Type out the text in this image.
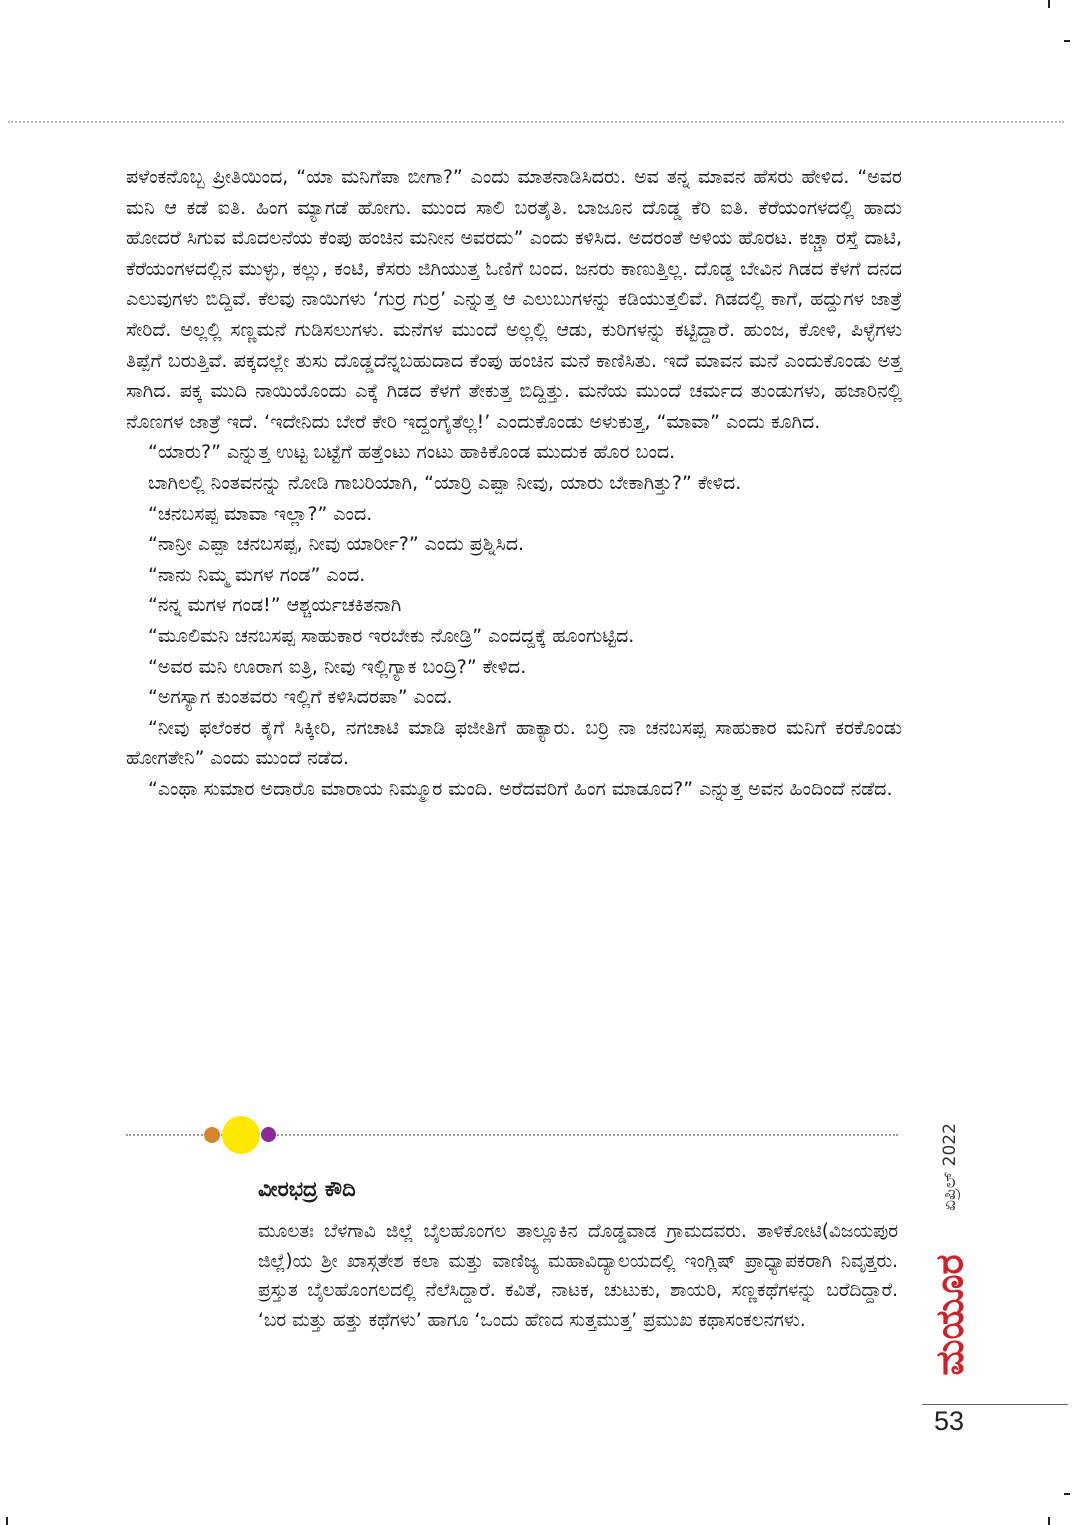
ಪಳೆಂಕನೊಬ್ಬ ಪ್ರೀತಿಯಿಂದ, “ಯಾ ಮನಿಗೆಪಾ ಬೀಗಾ?” ಎಂದು ಮಾತನಾಡಿಸಿದರು. ಅವ ತನ್ನ ಮಾವನ ಹೆಸರು ಹೇಳಿದ. “ಅವರ ಮನಿ ಆ ಕಡೆ ಐತಿ. ಹಿಂಗ ಮ್ಯಾಗಡೆ ಹೋಗು. ಮುಂದ ಸಾಲಿ ಬರತೈತಿ. ಬಾಜೂನ ದೊಡ್ಡ ಕೆರಿ ಐತಿ. ಕೆರೆಯಂಗಳದಲ್ಲಿ ಹಾದು ಹೋದರೆ ಸಿಗುವ ಮೊದಲನೆಯ ಕೆಂಪು ಹಂಚಿನ ಮನೀನ ಅವರದು” ಎಂದು ಕಳಿಸಿದ. ಅದರಂತೆ ಅಳಿಯ ಹೊರಟ. ಕಚ್ಚಾ ರಸ್ತೆ ದಾಟಿ, ಕೆರೆಯಂಗಳದಲ್ಲಿನ ಮುಳ್ಳು, ಕಲ್ಲು, ಕಂಟಿ, ಕೆಸರು ಜಿಗಿಯುತ್ತ ಓಣಿಗೆ ಬಂದ. ಜನರು ಕಾಣುತ್ತಿಲ್ಲ. ದೊಡ್ಡ ಬೇವಿನ ಗಿಡದ ಕೆಳಗೆ ದನದ ಎಲುವುಗಳು ಬಿದ್ದಿವೆ. ಕೆಲವು ನಾಯಿಗಳು ‘ಗುರ್ರ ಗುರ್ರ’ ಎನ್ನುತ್ತ ಆ ಎಲುಬುಗಳನ್ನು ಕಡಿಯುತ್ತಲಿವೆ. ಗಿಡದಲ್ಲಿ ಕಾಗೆ, ಹದ್ದುಗಳ ಜಾತ್ರೆ ಸೇರಿದೆ. ಅಲ್ಲಲ್ಲಿ ಸಣ್ಣಮನೆ ಗುಡಿಸಲುಗಳು. ಮನೆಗಳ ಮುಂದೆ ಅಲ್ಲಲ್ಲಿ ಆಡು, ಕುರಿಗಳನ್ನು ಕಟ್ಟಿದ್ದಾರೆ. ಹುಂಜ, ಕೋಳಿ, ಪಿಳ್ಳೆಗಳು ತಿಪ್ಪೆಗೆ ಬರುತ್ತಿವೆ. ಪಕ್ಕದಲ್ಲೇ ತುಸು ದೊಡ್ಡದೆನ್ನಬಹುದಾದ ಕೆಂಪು ಹಂಚಿನ ಮನೆ ಕಾಣಿಸಿತು. ಇದೆ ಮಾವನ ಮನೆ ಎಂದುಕೊಂಡು ಅತ್ತ ಸಾಗಿದ. ಪಕ್ಕ ಮುದಿ ನಾಯಿಯೊಂದು ಎಕ್ಕೆ ಗಿಡದ ಕೆಳಗೆ ತೇಕುತ್ತ ಬಿದ್ದಿತ್ತು. ಮನೆಯ ಮುಂದೆ ಚರ್ಮದ ತುಂಡುಗಳು, ಹಜಾರಿನಲ್ಲಿ ನೊಣಗಳ ಜಾತ್ರೆ ಇದೆ. ‘ಇದೇನಿದು ಬೇರೆ ಕೇರಿ ಇದ್ದಂಗೈತೆಲ್ಲ!’ ಎಂದುಕೊಂಡು ಅಳುಕುತ್ತ, “ಮಾವಾ” ಎಂದು ಕೂಗಿದ.

“ಯಾರು?” ಎನ್ನುತ್ತ ಉಟ್ಟ ಬಟ್ಟೆಗೆ ಹತ್ತೆಂಟು ಗಂಟು ಹಾಕಿಕೊಂಡ ಮುದುಕ ಹೊರ ಬಂದ.

ಬಾಗಿಲಲ್ಲಿ ನಿಂತವನನ್ನು ನೋಡಿ ಗಾಬರಿಯಾಗಿ, “ಯಾರ್ರಿ ಎಪ್ಪಾ ನೀವು, ಯಾರು ಬೇಕಾಗಿತ್ತು?” ಕೇಳಿದ.

“ಚನಬಸಪ್ಪ ಮಾವಾ ಇಲ್ಲಾ?” ಎಂದ.

“ನಾನ್ರೀ ಎಪ್ಪಾ ಚನಬಸಪ್ಪ, ನೀವು ಯಾರ್ರೀ?” ಎಂದು ಪ್ರಶ್ನಿಸಿದ.

“ನಾನು ನಿಮ್ಮ ಮಗಳ ಗಂಡ” ಎಂದ.

“ನನ್ನ ಮಗಳ ಗಂಡ!” ಆಶ್ಚರ್ಯಚಕಿತನಾಗಿ

“ಮೂಲಿಮನಿ ಚನಬಸಪ್ಪ ಸಾಹುಕಾರ ಇರಬೇಕು ನೋಡ್ರಿ” ಎಂದದ್ದಕ್ಕೆ ಹೂಂಗುಟ್ಟಿದ.

“ಅವರ ಮನಿ ಊರಾಗ ಐತ್ರಿ, ನೀವು ಇಲ್ಲಿಗ್ಯಾಕ ಬಂದ್ರಿ?” ಕೇಳಿದ.

“ಅಗಸ್ಯಾಗ ಕುಂತವರು ಇಲ್ಲಿಗೆ ಕಳಿಸಿದರಪಾ” ಎಂದ.

“ನೀವು ಫಲೆಂಕರ ಕೈಗೆ ಸಿಕ್ಕೀರಿ, ನಗಚಾಟಿ ಮಾಡಿ ಫಜೀತಿಗೆ ಹಾಕ್ಯಾರು. ಬರ್ರಿ ನಾ ಚನಬಸಪ್ಪ ಸಾಹುಕಾರ ಮನಿಗೆ ಕರಕೊಂಡು ಹೋಗತೇನಿ” ಎಂದು ಮುಂದೆ ನಡೆದ.

“ಎಂಥಾ ಸುಮಾರ ಅದಾರೊ ಮಾರಾಯ ನಿಮ್ಮೂರ ಮಂದಿ. ಅರೆದವರಿಗೆ ಹಿಂಗ ಮಾಡೂದ?” ಎನ್ನುತ್ತ ಅವನ ಹಿಂದಿಂದೆ ನಡೆದ.

ವೀರಭದ್ರ ಕೌದಿ

ಮೂಲತಃ ಬೆಳಗಾವಿ ಜಿಲ್ಲೆ ಬೈಲಹೊಂಗಲ ತಾಲ್ಲೂಕಿನ ದೊಡ್ಡವಾಡ ಗ್ರಾಮದವರು. ತಾಳಿಕೋಟಿ(ವಿಜಯಪುರ ಜಿಲ್ಲೆ)ಯ ಶ್ರೀ ಖಾಸ್ಗತೇಶ ಕಲಾ ಮತ್ತು ವಾಣಿಜ್ಯ ಮಹಾವಿದ್ಯಾಲಯದಲ್ಲಿ ಇಂಗ್ಲಿಷ್ ಪ್ರಾಧ್ಯಾಪಕರಾಗಿ ನಿವೃತ್ತರು. ಪ್ರಸ್ತುತ ಬೈಲಹೊಂಗಲದಲ್ಲಿ ನೆಲೆಸಿದ್ದಾರೆ. ಕವಿತೆ, ನಾಟಕ, ಚುಟುಕು, ಶಾಯರಿ, ಸಣ್ಣಕಥೆಗಳನ್ನು ಬರೆದಿದ್ದಾರೆ. ‘ಬರ ಮತ್ತು ಹತ್ತು ಕಥೆಗಳು’ ಹಾಗೂ ‘ಒಂದು ಹೆಣದ ಸುತ್ತಮುತ್ತ’ ಪ್ರಮುಖ ಕಥಾಸಂಕಲನಗಳು.

ಏಪ್ರಿಲ್ 2022
ಮಯೂರ
53
